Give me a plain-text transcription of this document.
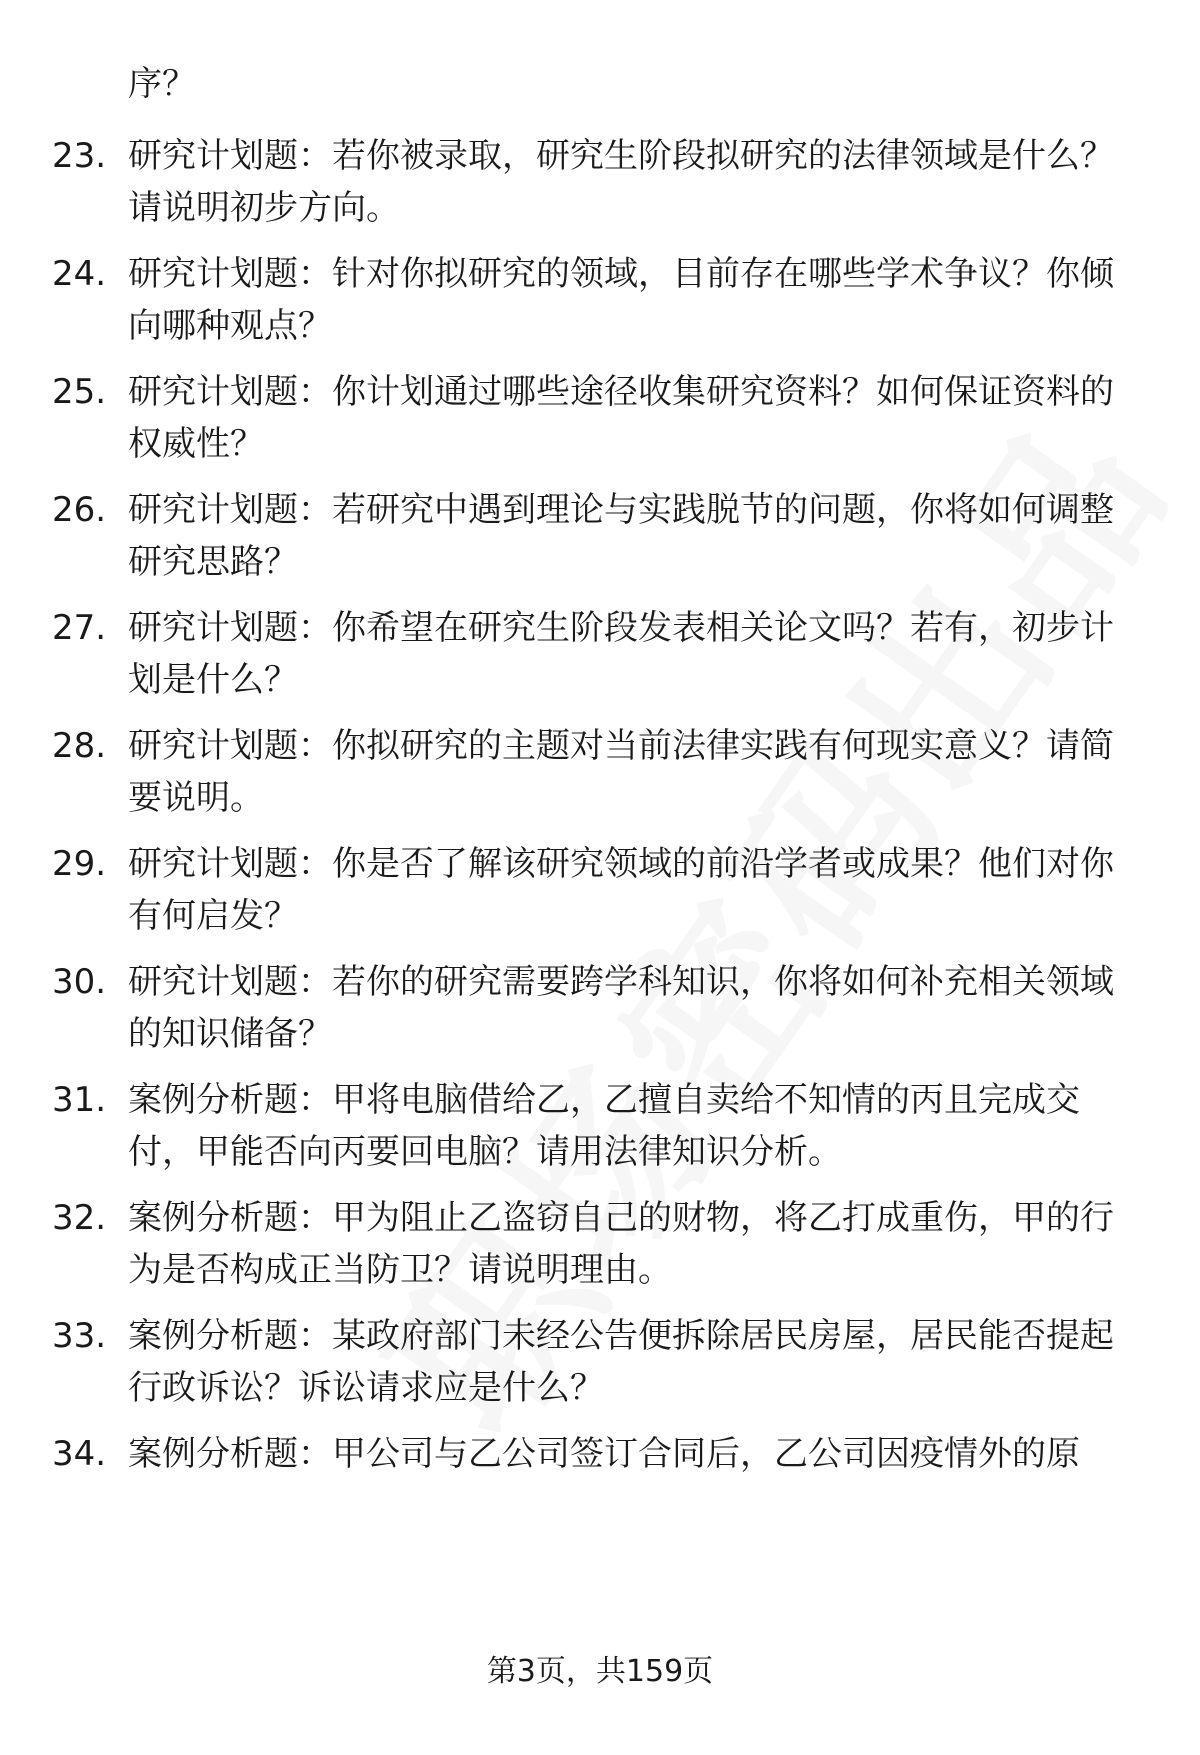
序？
23. 研究计划题：若你被录取，研究生阶段拟研究的法律领域是什么？请说明初步方向。
24. 研究计划题：针对你拟研究的领域，目前存在哪些学术争议？你倾向哪种观点？
25. 研究计划题：你计划通过哪些途径收集研究资料？如何保证资料的权威性？
26. 研究计划题：若研究中遇到理论与实践脱节的问题，你将如何调整研究思路？
27. 研究计划题：你希望在研究生阶段发表相关论文吗？若有，初步计划是什么？
28. 研究计划题：你拟研究的主题对当前法律实践有何现实意义？请简要说明。
29. 研究计划题：你是否了解该研究领域的前沿学者或成果？他们对你有何启发？
30. 研究计划题：若你的研究需要跨学科知识，你将如何补充相关领域的知识储备？
31. 案例分析题：甲将电脑借给乙，乙擅自卖给不知情的丙且完成交付，甲能否向丙要回电脑？请用法律知识分析。
32. 案例分析题：甲为阻止乙盗窃自己的财物，将乙打成重伤，甲的行为是否构成正当防卫？请说明理由。
33. 案例分析题：某政府部门未经公告便拆除居民房屋，居民能否提起行政诉讼？诉讼请求应是什么？
34. 案例分析题：甲公司与乙公司签订合同后，乙公司因疫情外的原
第3页，共159页
